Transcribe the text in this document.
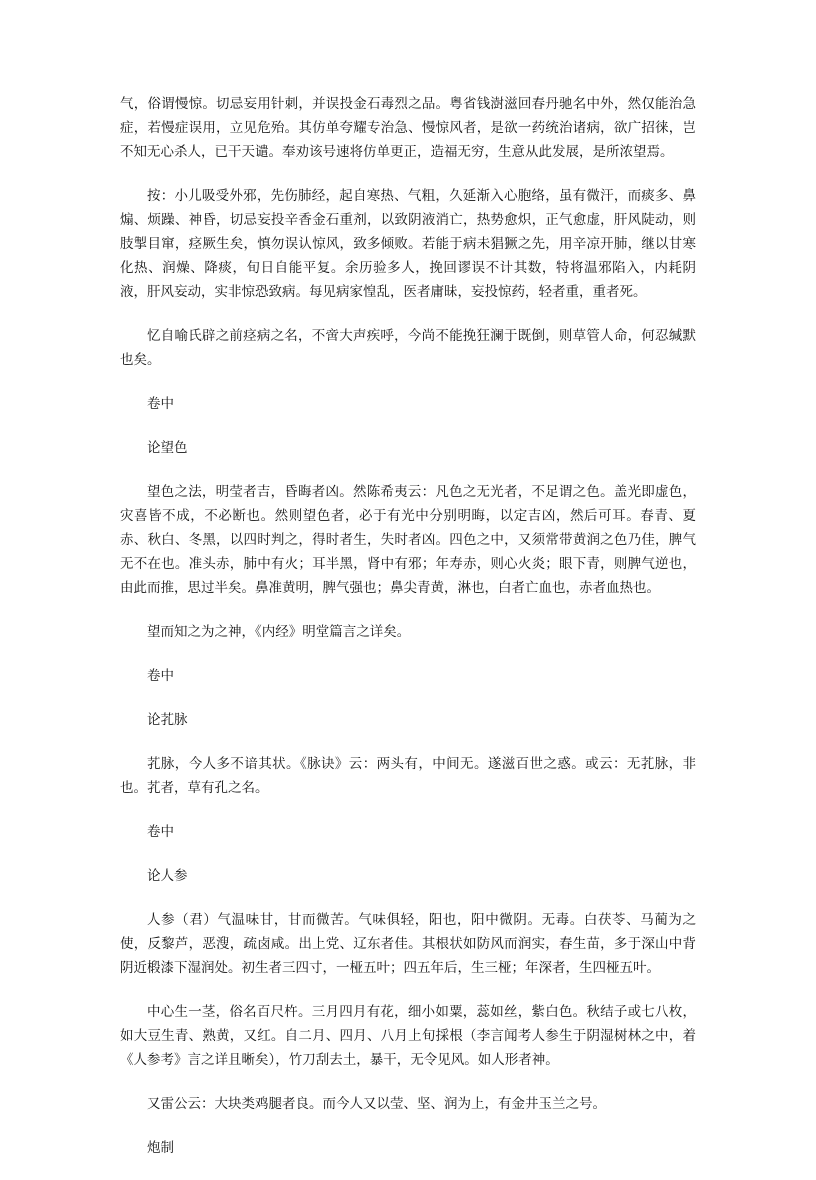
气，俗谓慢惊。切忌妄用针刺，并误投金石毒烈之品。粤省钱澍滋回春丹驰名中外，然仅能治急症，若慢症误用，立见危殆。其仿单夸耀专治急、慢惊风者，是欲一药统治诸病，欲广招徕，岂不知无心杀人，已干天谴。奉劝该号速将仿单更正，造福无穷，生意从此发展，是所浓望焉。

按：小儿吸受外邪，先伤肺经，起自寒热、气粗，久延渐入心胞络，虽有微汗，而痰多、鼻煽、烦躁、神昏，切忌妄投辛香金石重剂，以致阴液消亡，热势愈炽，正气愈虚，肝风陡动，则肢掣目窜，痉厥生矣，慎勿误认惊风，致多倾败。若能于病未猖獗之先，用辛凉开肺，继以甘寒化热、润燥、降痰，旬日自能平复。余历验多人，挽回谬误不计其数，特将温邪陷入，内耗阴液，肝风妄动，实非惊恐致病。每见病家惶乱，医者庸昧，妄投惊药，轻者重，重者死。

忆自喻氏辟之前痉病之名，不啻大声疾呼，今尚不能挽狂澜于既倒，则草管人命，何忍缄默也矣。

卷中

论望色

望色之法，明莹者吉，昏晦者凶。然陈希夷云：凡色之无光者，不足谓之色。盖光即虚色，灾喜皆不成，不必断也。然则望色者，必于有光中分别明晦，以定吉凶，然后可耳。春青、夏赤、秋白、冬黑，以四时判之，得时者生，失时者凶。四色之中，又须常带黄润之色乃佳，脾气无不在也。准头赤，肺中有火；耳半黑，肾中有邪；年寿赤，则心火炎；眼下青，则脾气逆也，由此而推，思过半矣。鼻准黄明，脾气强也；鼻尖青黄，淋也，白者亡血也，赤者血热也。

望而知之为之神，《内经》明堂篇言之详矣。

卷中

论芤脉

芤脉，今人多不谙其状。《脉诀》云：两头有，中间无。遂滋百世之惑。或云：无芤脉，非也。芤者，草有孔之名。

卷中

论人参

人参（君）气温味甘，甘而微苦。气味俱轻，阳也，阳中微阴。无毒。白茯苓、马蔺为之使，反黎芦，恶溲，疏卤咸。出上党、辽东者佳。其根状如防风而润实，春生苗，多于深山中背阴近椴漆下湿润处。初生者三四寸，一桠五叶；四五年后，生三桠；年深者，生四桠五叶。

中心生一茎，俗名百尺杵。三月四月有花，细小如粟，蕊如丝，紫白色。秋结子或七八枚，如大豆生青、熟黄，又红。自二月、四月、八月上旬採根（李言闻考人参生于阴湿树林之中，着《人参考》言之详且晰矣），竹刀刮去土，暴干，无令见风。如人形者神。

又雷公云：大块类鸡腿者良。而今人又以莹、坚、润为上，有金井玉兰之号。

炮制
